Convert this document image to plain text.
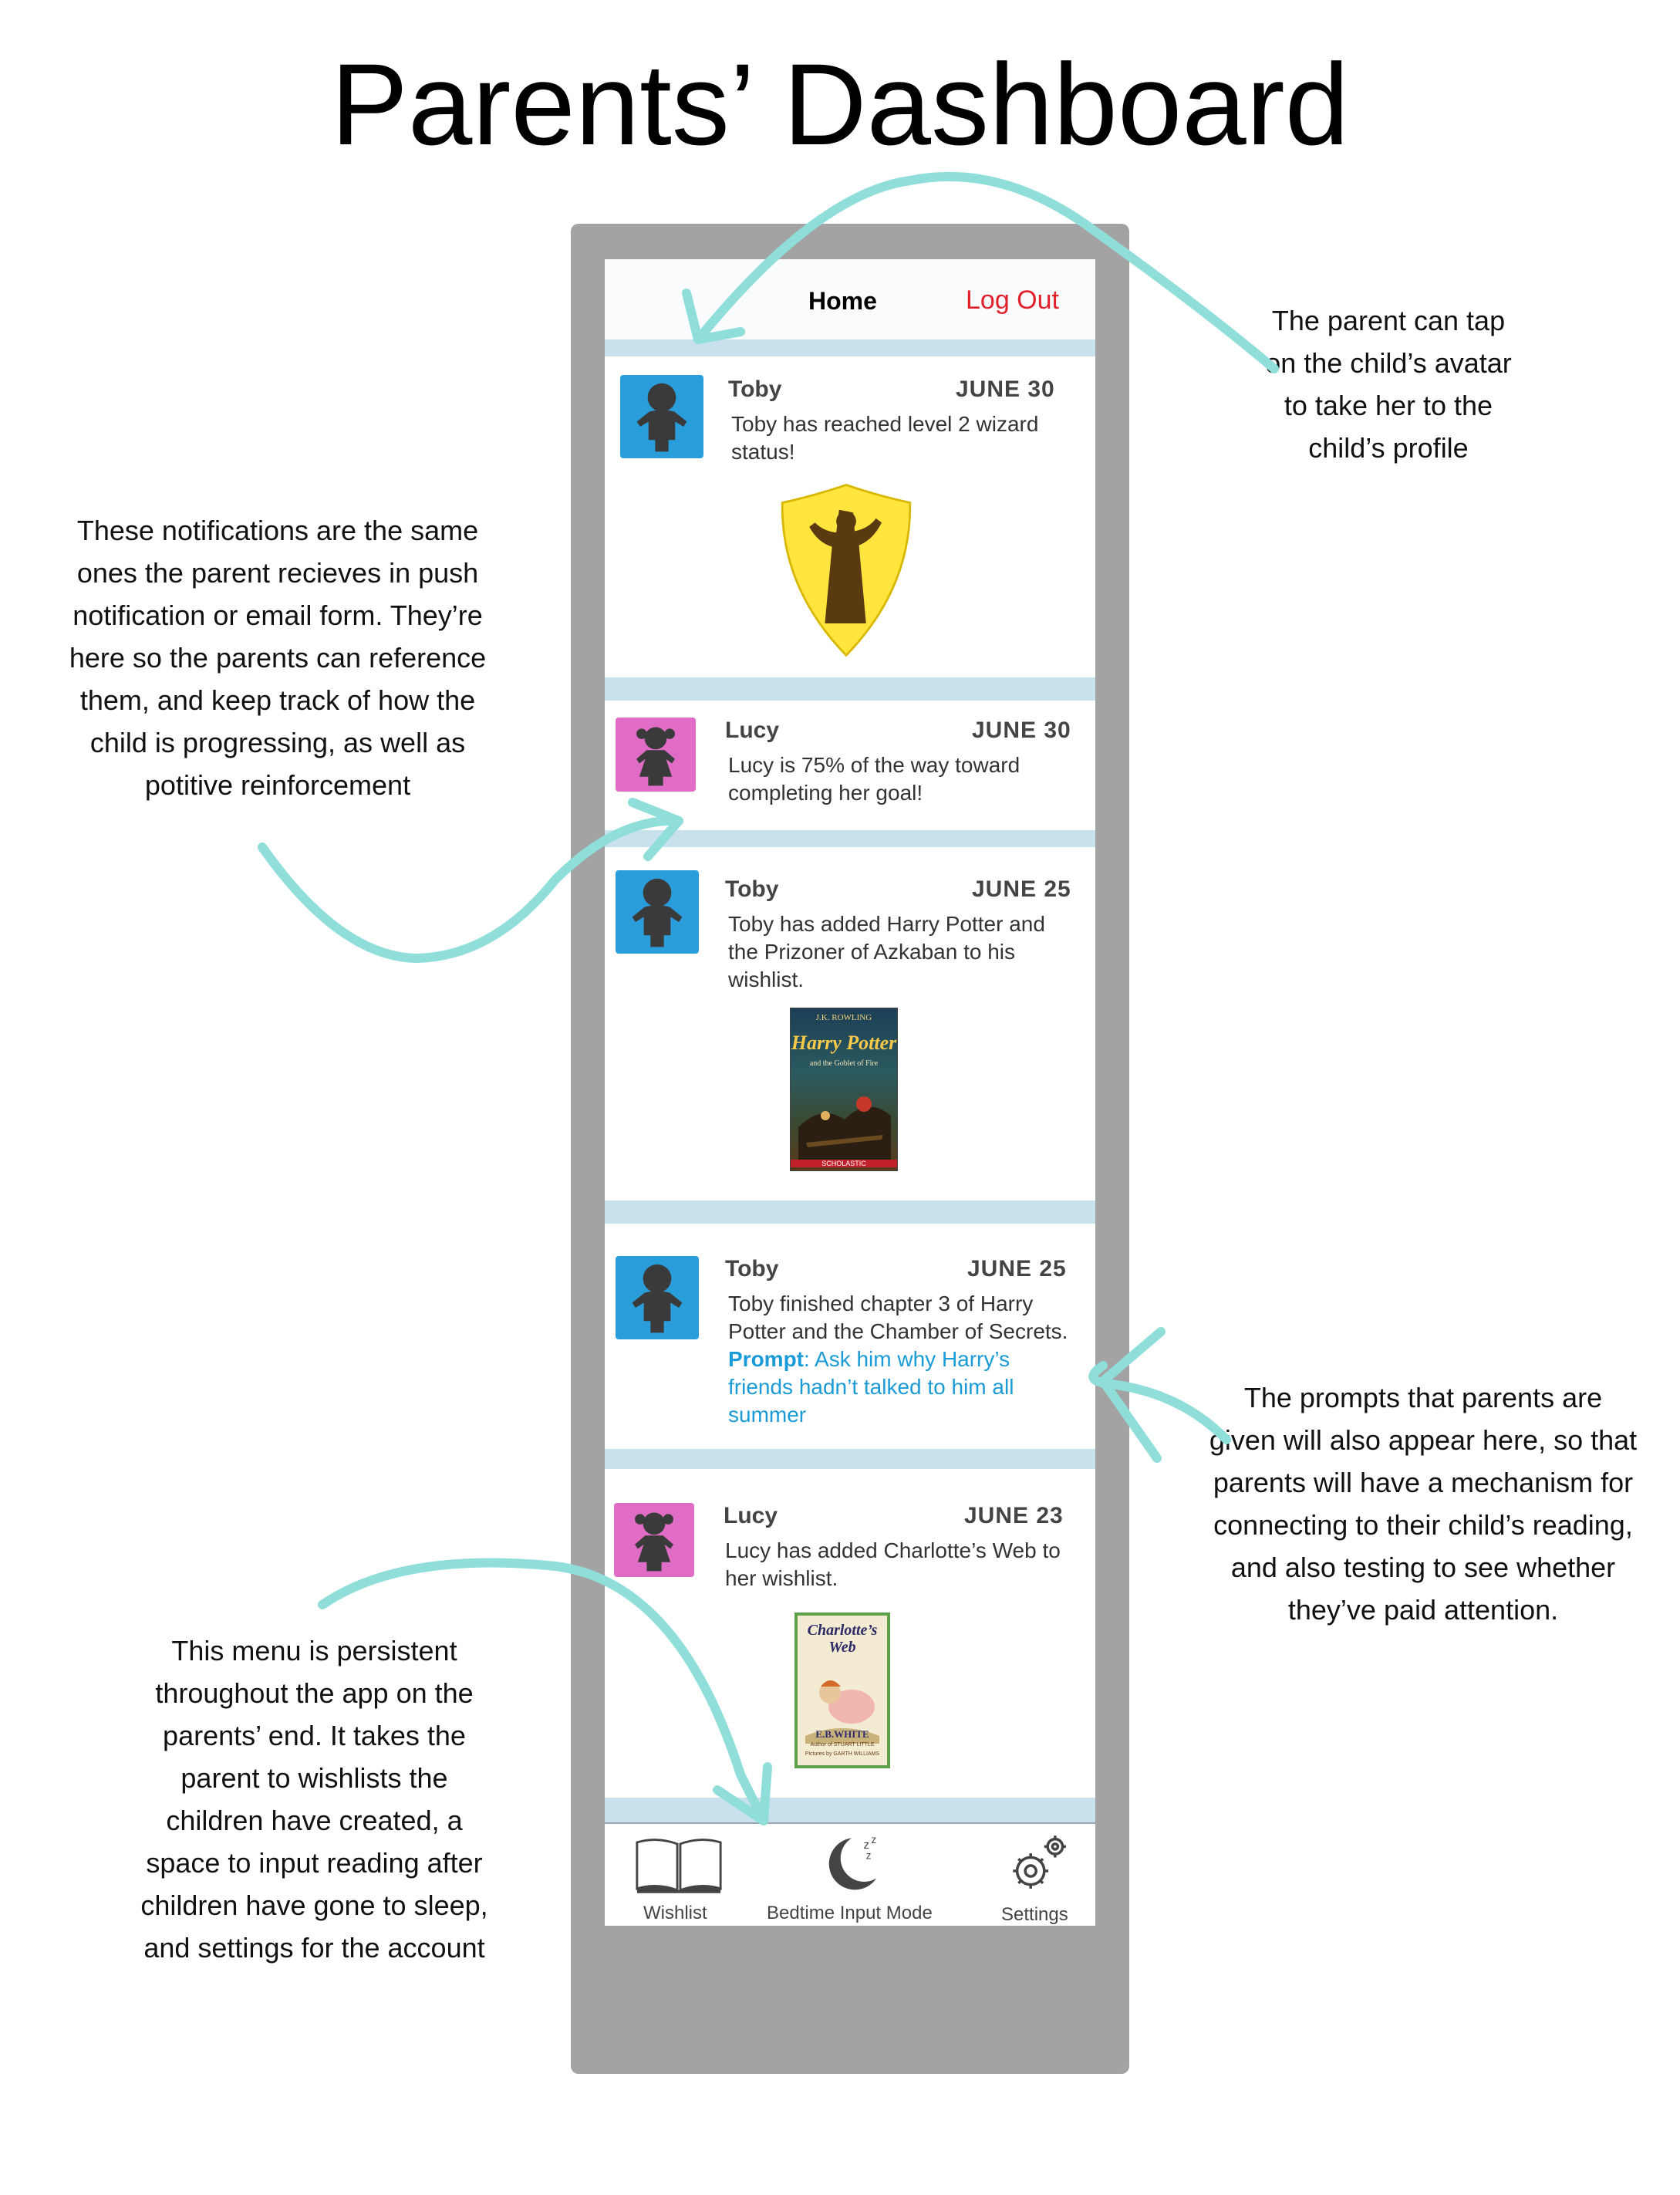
Parents’ Dashboard
The parent can tap on the child’s avatar to take her to the child’s profile
These notifications are the same ones the parent recieves in push notification or email form. They’re here so the parents can reference them, and keep track of how the child is progressing, as well as potitive reinforcement
The prompts that parents are given will also appear here, so that parents will have a mechanism for connecting to their child’s reading, and also testing to see whether they’ve paid attention.
This menu is persistent throughout the app on the parents’ end. It takes the parent to wishlists the children have created, a space to input reading after children have gone to sleep, and settings for the account
Home	Log Out
Toby	JUNE 30
Toby has reached level 2 wizard status!
Lucy	JUNE 30
Lucy is 75% of the way toward completing her goal!
Toby	JUNE 25
Toby has added Harry Potter and the Prizoner of Azkaban to his wishlist.
J.K. ROWLING
Harry Potter
and the Goblet of Fire
SCHOLASTIC
Toby	JUNE 25
Toby finished chapter 3 of Harry Potter and the Chamber of Secrets. Prompt: Ask him why Harry’s friends hadn’t talked to him all summer
Lucy	JUNE 23
Lucy has added Charlotte’s Web to her wishlist.
Charlotte’s Web
E.B.WHITE
Author of STUART LITTLE
Pictures by GARTH WILLIAMS
Wishlist
z z
z
Bedtime Input Mode	Settings
